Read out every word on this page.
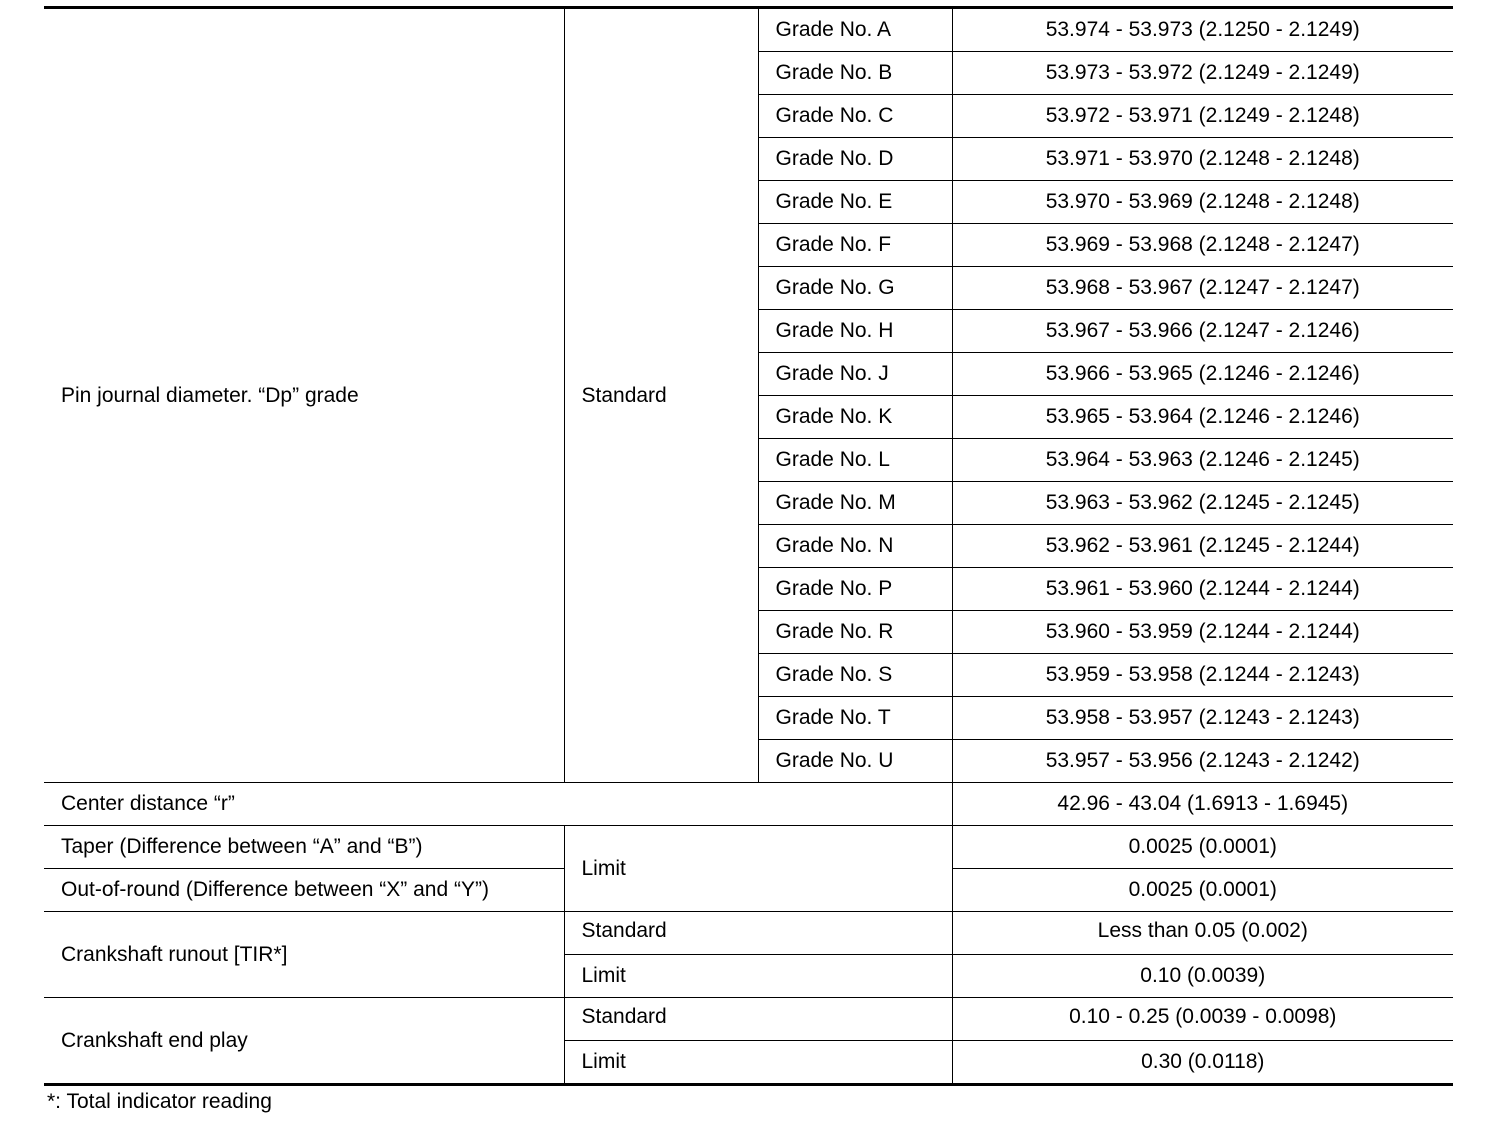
Pin journal diameter. “Dp” grade	Standard	Grade No. A	53.974 - 53.973 (2.1250 - 2.1249)
		Grade No. B	53.973 - 53.972 (2.1249 - 2.1249)
		Grade No. C	53.972 - 53.971 (2.1249 - 2.1248)
		Grade No. D	53.971 - 53.970 (2.1248 - 2.1248)
		Grade No. E	53.970 - 53.969 (2.1248 - 2.1248)
		Grade No. F	53.969 - 53.968 (2.1248 - 2.1247)
		Grade No. G	53.968 - 53.967 (2.1247 - 2.1247)
		Grade No. H	53.967 - 53.966 (2.1247 - 2.1246)
		Grade No. J	53.966 - 53.965 (2.1246 - 2.1246)
		Grade No. K	53.965 - 53.964 (2.1246 - 2.1246)
		Grade No. L	53.964 - 53.963 (2.1246 - 2.1245)
		Grade No. M	53.963 - 53.962 (2.1245 - 2.1245)
		Grade No. N	53.962 - 53.961 (2.1245 - 2.1244)
		Grade No. P	53.961 - 53.960 (2.1244 - 2.1244)
		Grade No. R	53.960 - 53.959 (2.1244 - 2.1244)
		Grade No. S	53.959 - 53.958 (2.1244 - 2.1243)
		Grade No. T	53.958 - 53.957 (2.1243 - 2.1243)
		Grade No. U	53.957 - 53.956 (2.1243 - 2.1242)
Center distance “r”			42.96 - 43.04 (1.6913 - 1.6945)
Taper (Difference between “A” and “B”)	Limit		0.0025 (0.0001)
Out-of-round (Difference between “X” and “Y”)			0.0025 (0.0001)
Crankshaft runout [TIR*]	Standard		Less than 0.05 (0.002)
	Limit		0.10 (0.0039)
Crankshaft end play	Standard		0.10 - 0.25 (0.0039 - 0.0098)
	Limit		0.30 (0.0118)
*: Total indicator reading
